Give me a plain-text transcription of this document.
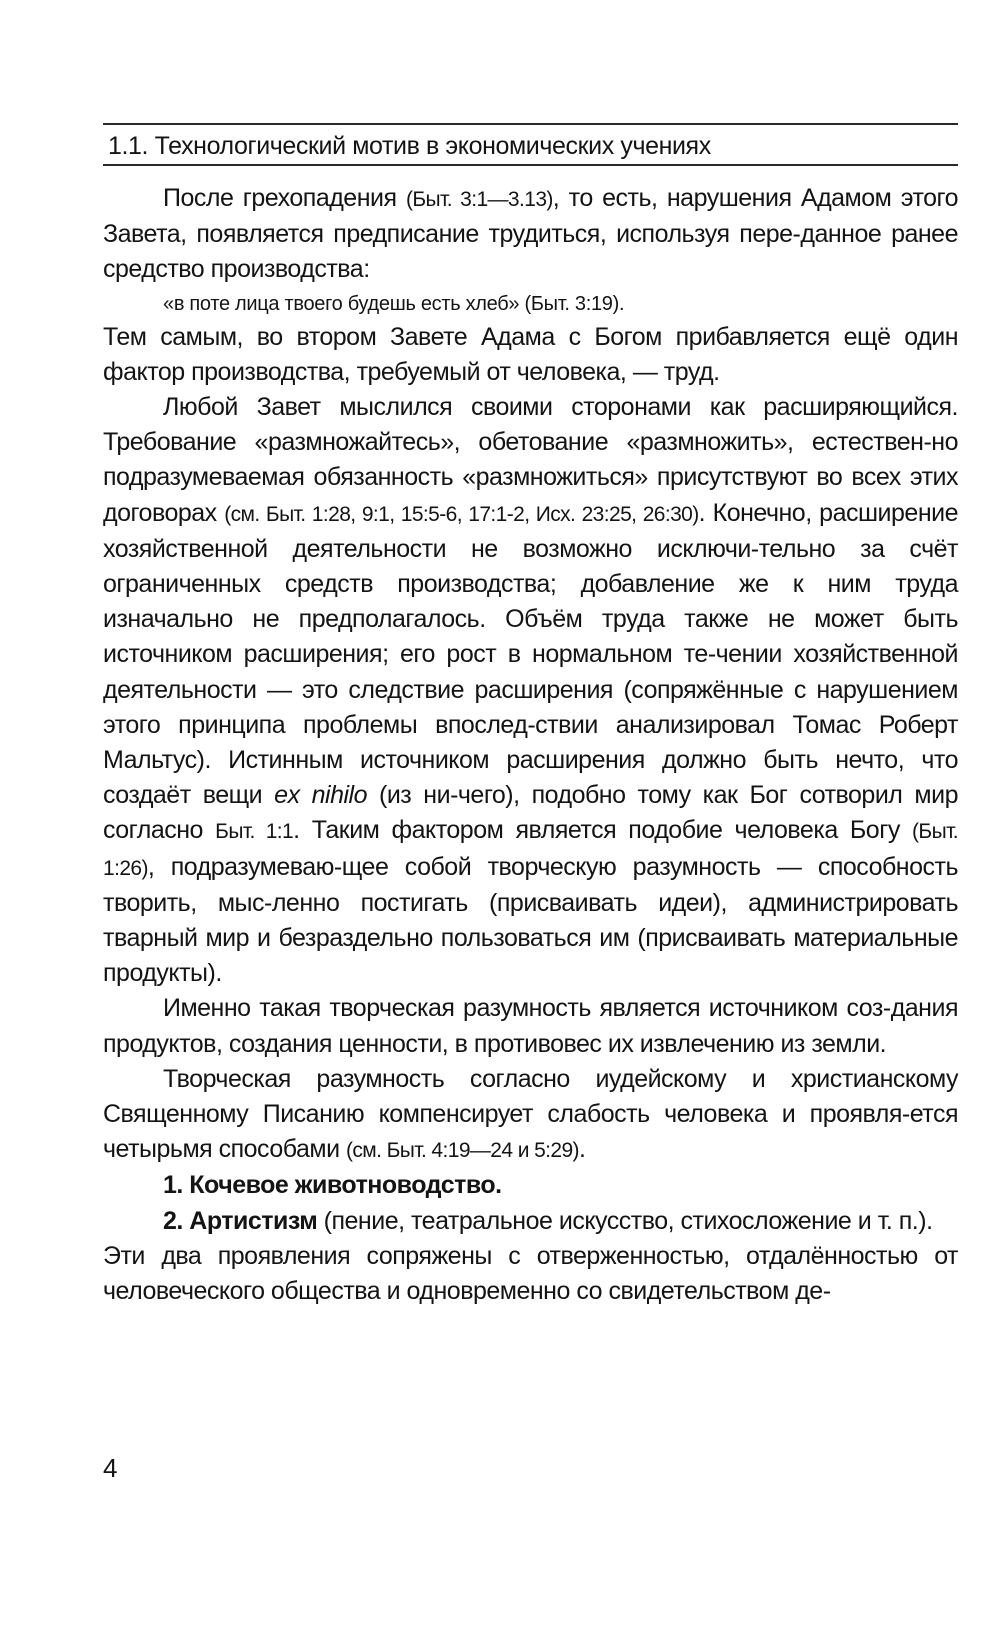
1.1. Технологический мотив в экономических учениях

После грехопадения (Быт. 3:1—3.13), то есть, нарушения Адамом этого Завета, появляется предписание трудиться, используя пере-данное ранее средство производства:

«в поте лица твоего будешь есть хлеб» (Быт. 3:19).

Тем самым, во втором Завете Адама с Богом прибавляется ещё один фактор производства, требуемый от человека, — труд.

Любой Завет мыслился своими сторонами как расширяющийся. Требование «размножайтесь», обетование «размножить», естествен-но подразумеваемая обязанность «размножиться» присутствуют во всех этих договорах (см. Быт. 1:28, 9:1, 15:5-6, 17:1-2, Исх. 23:25, 26:30). Конечно, расширение хозяйственной деятельности не возможно исключи-тельно за счёт ограниченных средств производства; добавление же к ним труда изначально не предполагалось. Объём труда также не может быть источником расширения; его рост в нормальном те-чении хозяйственной деятельности — это следствие расширения (сопряжённые с нарушением этого принципа проблемы впослед-ствии анализировал Томас Роберт Мальтус). Истинным источником расширения должно быть нечто, что создаёт вещи ex nihilo (из ни-чего), подобно тому как Бог сотворил мир согласно Быт. 1:1. Таким фактором является подобие человека Богу (Быт. 1:26), подразумеваю-щее собой творческую разумность — способность творить, мыс-ленно постигать (присваивать идеи), администрировать тварный мир и безраздельно пользоваться им (присваивать материальные продукты).

Именно такая творческая разумность является источником соз-дания продуктов, создания ценности, в противовес их извлечению из земли.

Творческая разумность согласно иудейскому и христианскому Священному Писанию компенсирует слабость человека и проявля-ется четырьмя способами (см. Быт. 4:19—24 и 5:29).

1. Кочевое животноводство.
2. Артистизм (пение, театральное искусство, стихосложение и т. п.).

Эти два проявления сопряжены с отверженностью, отдалённостью от человеческого общества и одновременно со свидетельством де-

4
